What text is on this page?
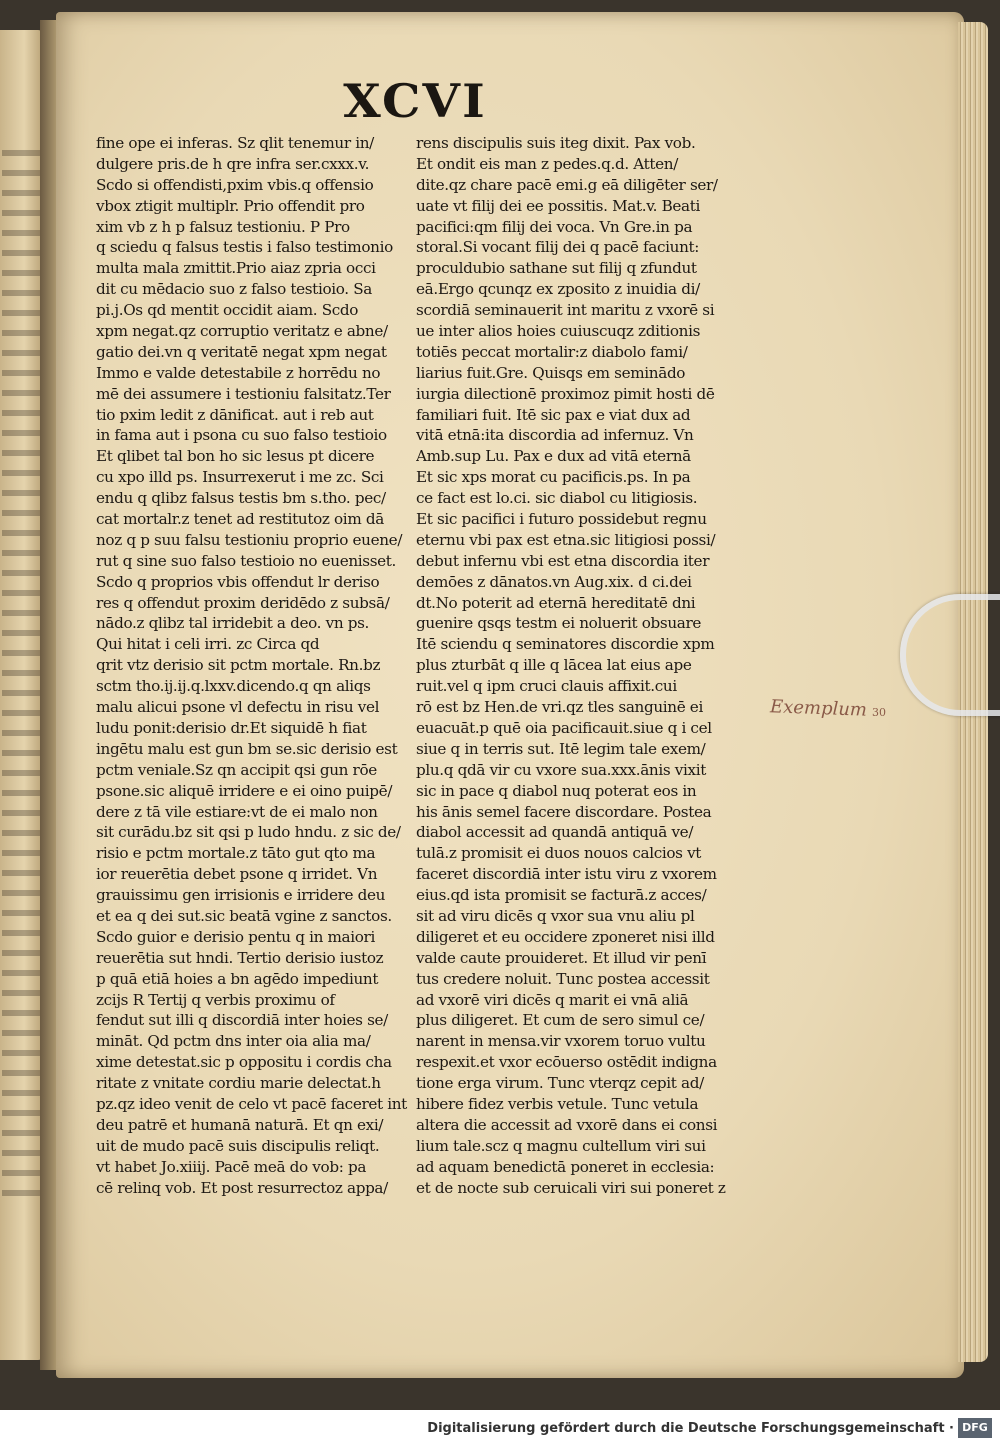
XCVI
fine ope ei inferas. Sz qlit tenemur in/
dulgere pris.de h qre infra ser.cxxx.v.
Scdo si offendisti,pxim vbis.q offensio
vbox ztigit multiplr. Prio offendit pro
xim vb z h p falsuz testioniu. P Pro
q sciedu q falsus testis i falso testimonio
multa mala zmittit.Prio aiaz zpria occi
dit cu mēdacio suo z falso testioio. Sa
pi.j.Os qd mentit occidit aiam. Scdo
xpm negat.qz corruptio veritatz e abne/
gatio dei.vn q veritatē negat xpm negat
Immo e valde detestabile z horrēdu no
mē dei assumere i testioniu falsitatz.Ter
tio pxim ledit z dānificat. aut i reb aut
in fama aut i psona cu suo falso testioio
Et qlibet tal bon ho sic lesus pt dicere
cu xpo illd ps. Insurrexerut i me zc. Sci
endu q qlibz falsus testis bm s.tho. pec/
cat mortalr.z tenet ad restitutoz oim dā
noz q p suu falsu testioniu proprio euene/
rut q sine suo falso testioio no euenisset.
Scdo q proprios vbis offendut lr deriso
res q offendut proxim deridēdo z subsā/
nādo.z qlibz tal irridebit a deo. vn ps.
Qui hitat i celi irri. zc Circa qd
qrit vtz derisio sit pctm mortale. Rn.bz
sctm tho.ij.ij.q.lxxv.dicendo.q qn aliqs
malu alicui psone vl defectu in risu vel
ludu ponit:derisio dr.Et siquidē h fiat
ingētu malu est gun bm se.sic derisio est
pctm veniale.Sz qn accipit qsi gun rōe
psone.sic aliquē irridere e ei oino puipē/
dere z tā vile estiare:vt de ei malo non
sit curādu.bz sit qsi p ludo hndu. z sic de/
risio e pctm mortale.z tāto gut qto ma
ior reuerētia debet psone q irridet. Vn
grauissimu gen irrisionis e irridere deu
et ea q dei sut.sic beatā vgine z sanctos.
Scdo guior e derisio pentu q in maiori
reuerētia sut hndi. Tertio derisio iustoz
p quā etiā hoies a bn agēdo impediunt
zcijs R Tertij q verbis proximu of
fendut sut illi q discordiā inter hoies se/
mināt. Qd pctm dns inter oia alia ma/
xime detestat.sic p oppositu i cordis cha
ritate z vnitate cordiu marie delectat.h
pz.qz ideo venit de celo vt pacē faceret int
deu patrē et humanā naturā. Et qn exi/
uit de mudo pacē suis discipulis reliqt.
vt habet Jo.xiiij. Pacē meā do vob: pa
cē relinq vob. Et post resurrectoz appa/
rens discipulis suis iteg dixit. Pax vob.
Et ondit eis man z pedes.q.d. Atten/
dite.qz chare pacē emi.g eā diligēter ser/
uate vt filij dei ee possitis. Mat.v. Beati
pacifici:qm filij dei voca. Vn Gre.in pa
storal.Si vocant filij dei q pacē faciunt:
proculdubio sathane sut filij q zfundut
eā.Ergo qcunqz ex zposito z inuidia di/
scordiā seminauerit int maritu z vxorē si
ue inter alios hoies cuiuscuqz zditionis
totiēs peccat mortalir:z diabolo fami/
liarius fuit.Gre. Quisqs em seminādo
iurgia dilectionē proximoz pimit hosti dē
familiari fuit. Itē sic pax e viat dux ad
vitā etnā:ita discordia ad infernuz. Vn
Amb.sup Lu. Pax e dux ad vitā eternā
Et sic xps morat cu pacificis.ps. In pa
ce fact est lo.ci. sic diabol cu litigiosis.
Et sic pacifici i futuro possidebut regnu
eternu vbi pax est etna.sic litigiosi possi/
debut infernu vbi est etna discordia iter
demōes z dānatos.vn Aug.xix. d ci.dei
dt.No poterit ad eternā hereditatē dni
guenire qsqs testm ei noluerit obsuare
Itē sciendu q seminatores discordie xpm
plus zturbāt q ille q lācea lat eius ape
ruit.vel q ipm cruci clauis affixit.cui
rō est bz Hen.de vri.qz tles sanguinē ei
euacuāt.p quē oia pacificauit.siue q i cel
siue q in terris sut. Itē legim tale exem/
plu.q qdā vir cu vxore sua.xxx.ānis vixit
sic in pace q diabol nuq poterat eos in
his ānis semel facere discordare. Postea
diabol accessit ad quandā antiquā ve/
tulā.z promisit ei duos nouos calcios vt
faceret discordiā inter istu viru z vxorem
eius.qd ista promisit se facturā.z acces/
sit ad viru dicēs q vxor sua vnu aliu pl
diligeret et eu occidere zponeret nisi illd
valde caute prouideret. Et illud vir penī
tus credere noluit. Tunc postea accessit
ad vxorē viri dicēs q marit ei vnā aliā
plus diligeret. Et cum de sero simul ce/
narent in mensa.vir vxorem toruo vultu
respexit.et vxor ecōuerso ostēdit indigna
tione erga virum. Tunc vterqz cepit ad/
hibere fidez verbis vetule. Tunc vetula
altera die accessit ad vxorē dans ei consi
lium tale.scz q magnu cultellum viri sui
ad aquam benedictā poneret in ecclesia:
et de nocte sub ceruicali viri sui poneret z
Exemplum 30
Digitalisierung gefördert durch die Deutsche Forschungsgemeinschaft · DFG
